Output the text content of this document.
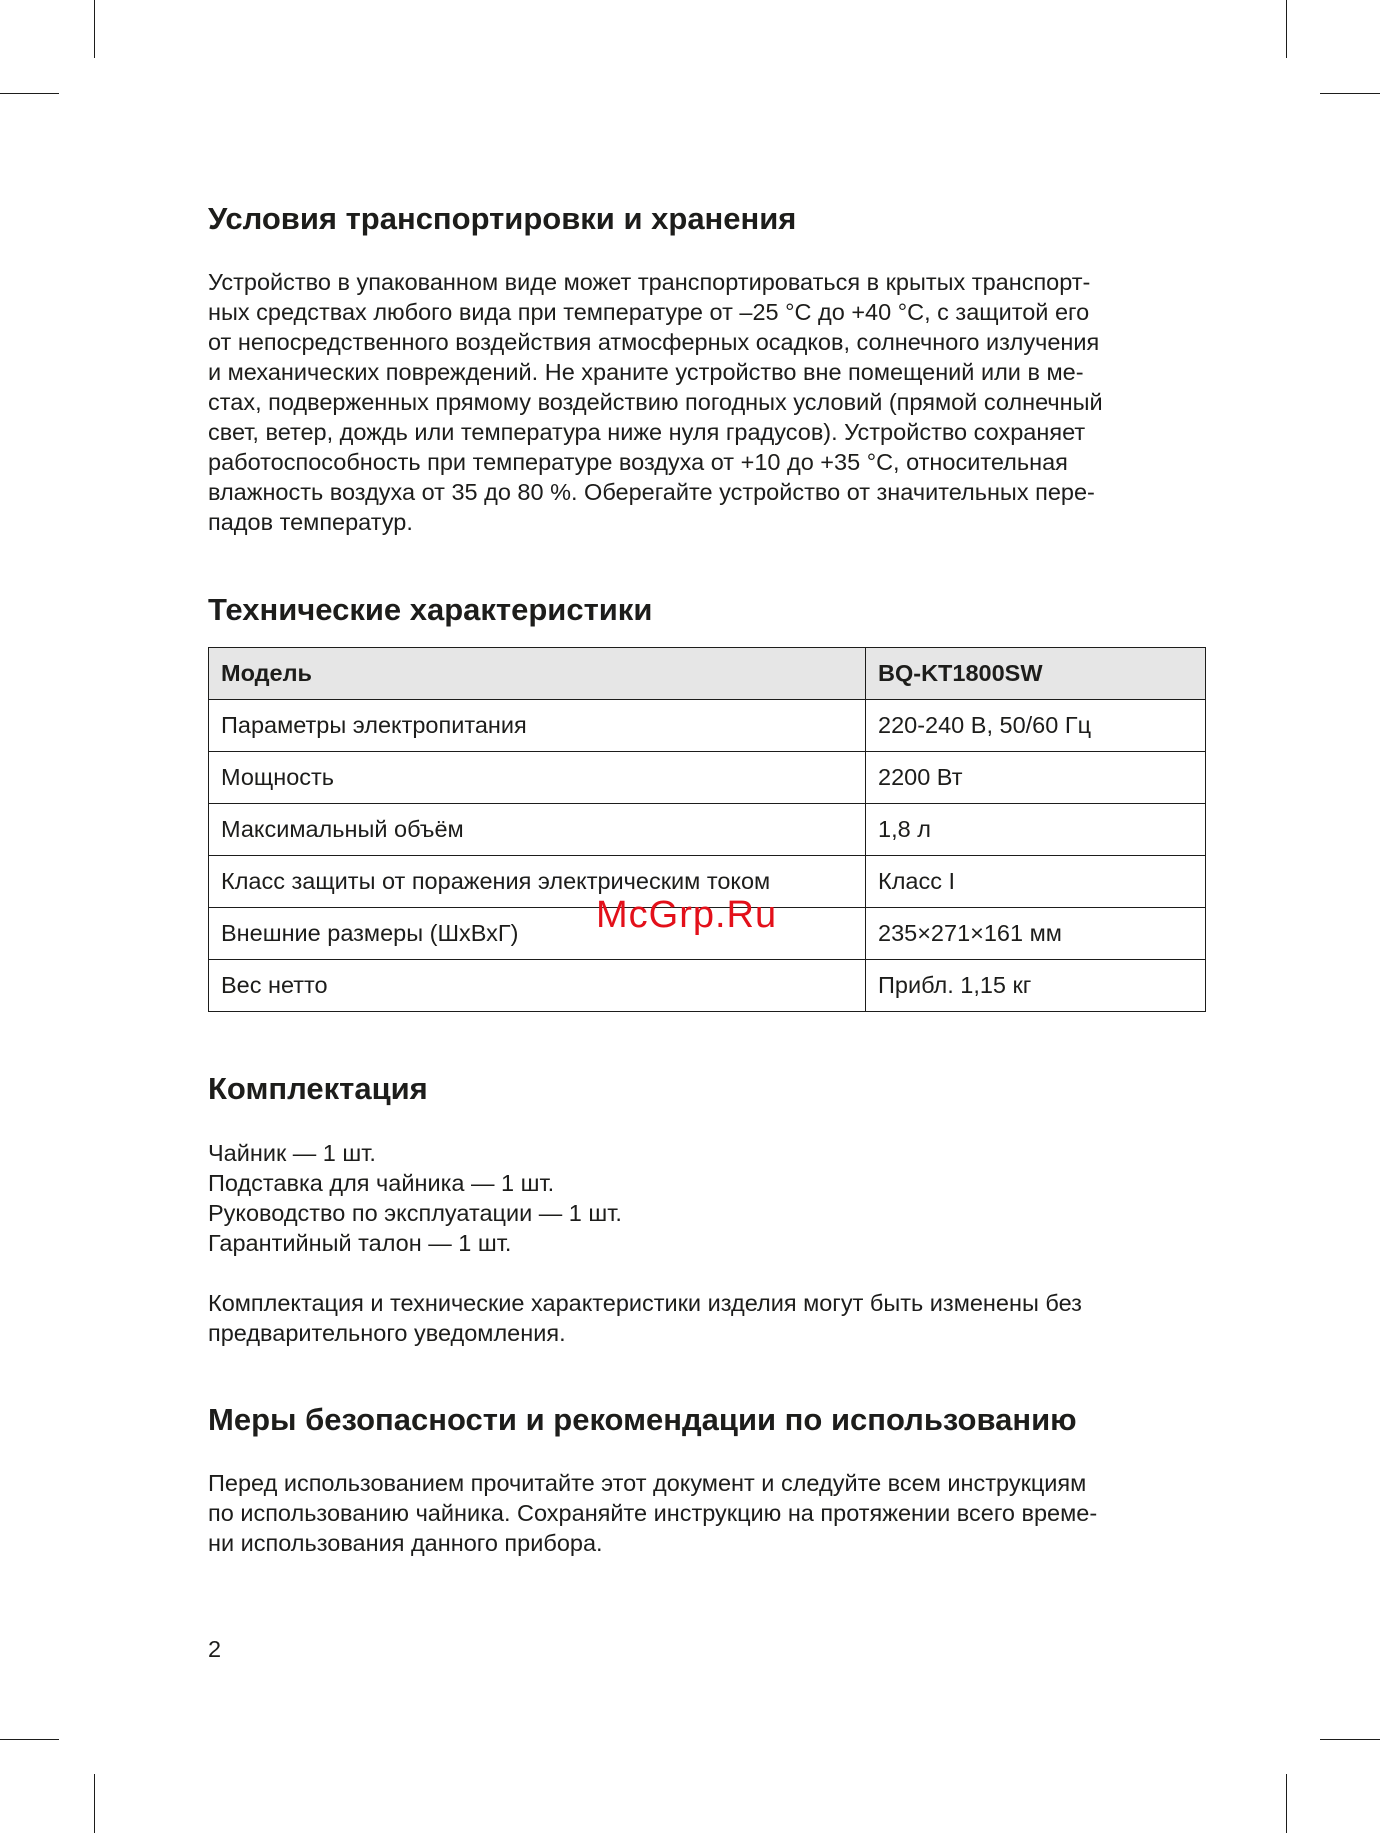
Условия транспортировки и хранения
Устройство в упакованном виде может транспортироваться в крытых транспорт-
ных средствах любого вида при температуре от –25 °С до +40 °С, с защитой его
от непосредственного воздействия атмосферных осадков, солнечного излучения
и механических повреждений. Не храните устройство вне помещений или в ме-
стах, подверженных прямому воздействию погодных условий (прямой солнечный
свет, ветер, дождь или температура ниже нуля градусов). Устройство сохраняет
работоспособность при температуре воздуха от +10 до +35 °С, относительная
влажность воздуха от 35 до 80 %. Оберегайте устройство от значительных пере-
падов температур.
Технические характеристики
Модель	BQ-KT1800SW
Параметры электропитания	220-240 В, 50/60 Гц
Мощность	2200 Вт
Максимальный объём	1,8 л
Класс защиты от поражения электрическим током	Класс I
Внешние размеры (ШхВхГ)	235×271×161 мм
Вес нетто	Прибл. 1,15 кг
Комплектация
Чайник — 1 шт.
Подставка для чайника — 1 шт.
Руководство по эксплуатации — 1 шт.
Гарантийный талон — 1 шт.
Комплектация и технические характеристики изделия могут быть изменены без
предварительного уведомления.
Меры безопасности и рекомендации по использованию
Перед использованием прочитайте этот документ и следуйте всем инструкциям
по использованию чайника. Сохраняйте инструкцию на протяжении всего време-
ни использования данного прибора.
McGrp.Ru
2
